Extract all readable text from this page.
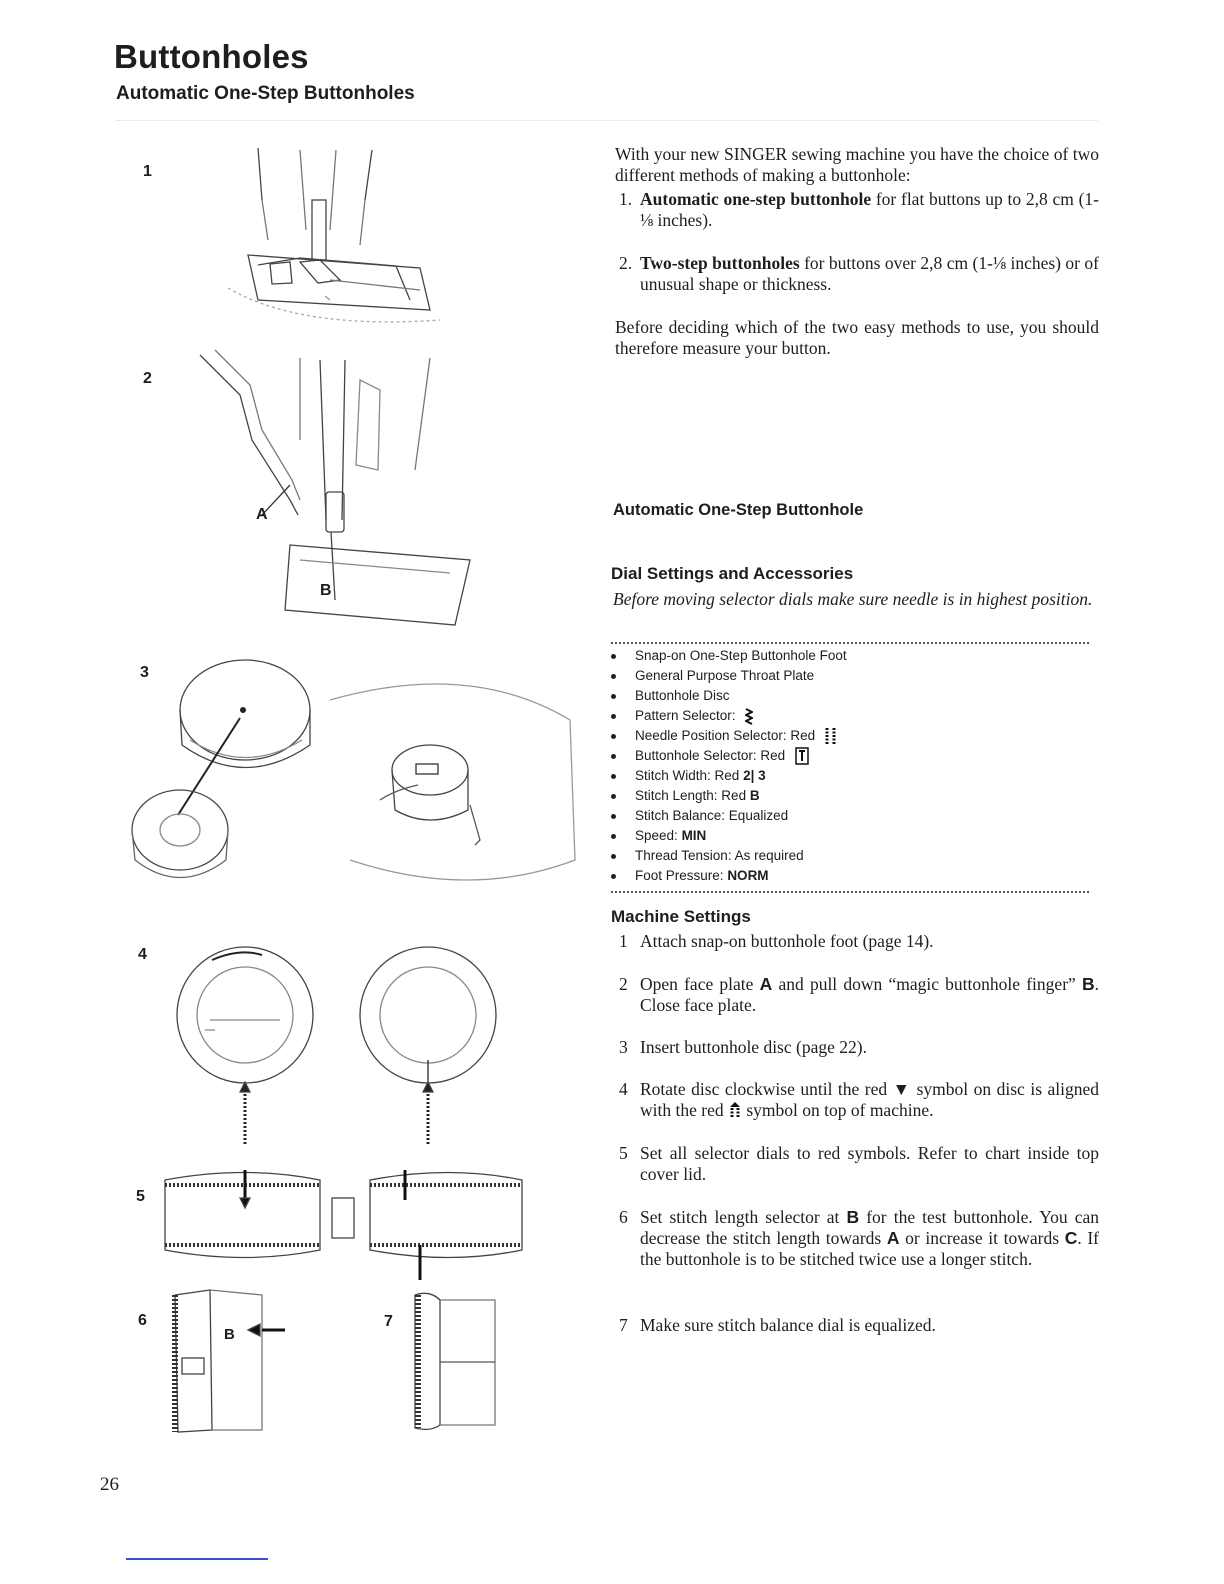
Buttonholes
Automatic One-Step Buttonholes
1
2
3
4
5
6	7
A
B
B

With your new SINGER sewing machine you have the choice of two different methods of making a buttonhole:

1. Automatic one-step buttonhole for flat buttons up to 2,8 cm (1-⅛ inches).
2. Two-step buttonholes for buttons over 2,8 cm (1-⅛ inches) or of unusual shape or thickness.

Before deciding which of the two easy methods to use, you should therefore measure your button.

Automatic One-Step Buttonhole
Dial Settings and Accessories

Before moving selector dials make sure needle is in highest position.

Snap-on One-Step Buttonhole Foot
General Purpose Throat Plate
Buttonhole Disc
Pattern Selector:
Needle Position Selector: Red
Buttonhole Selector: Red
Stitch Width: Red 2| 3
Stitch Length: Red B
Stitch Balance: Equalized
Speed: MIN
Thread Tension: As required
Foot Pressure: NORM
Machine Settings
1 Attach snap-on buttonhole foot (page 14).
2 Open face plate A and pull down “magic buttonhole finger” B. Close face plate.
3 Insert buttonhole disc (page 22).
4 Rotate disc clockwise until the red ▼ symbol on disc is aligned with the red  symbol on top of machine.
5 Set all selector dials to red symbols. Refer to chart inside top cover lid.
6 Set stitch length selector at B for the test buttonhole. You can decrease the stitch length towards A or increase it towards C. If the buttonhole is to be stitched twice use a longer stitch.
7 Make sure stitch balance dial is equalized.
26
